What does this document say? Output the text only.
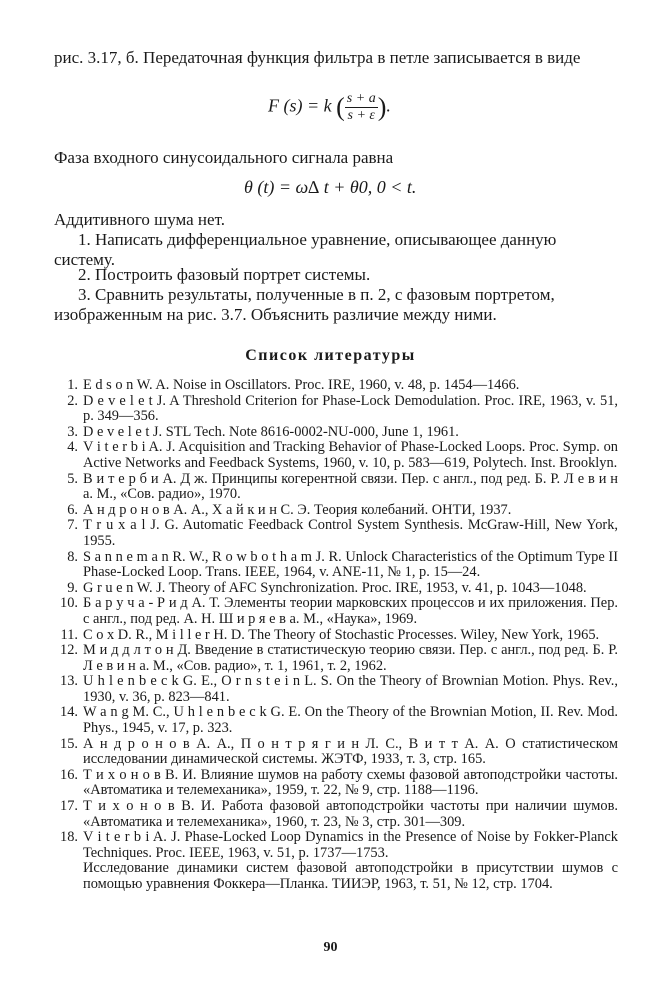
рис. 3.17, б. Передаточная функция фильтра в петле записывается в виде

F (s) = k ( $\frac{s + a}{s + \varepsilon}$ ).

Фаза входного синусоидального сигнала равна

θ (t) = ω∆ t + θ0, 0 < t.

Аддитивного шума нет.

1. Написать дифференциальное уравнение, описывающее данную систему.

2. Построить фазовый портрет системы.

3. Сравнить результаты, полученные в п. 2, с фазовым портретом, изображенным на рис. 3.7. Объяснить различие между ними.

Список литературы
1. E d s o n W. A. Noise in Oscillators. Proc. IRE, 1960, v. 48, p. 1454—1466.
2. D e v e l e t J. A Threshold Criterion for Phase-Lock Demodulation. Proc. IRE, 1963, v. 51, p. 349—356.
3. D e v e l e t J. STL Tech. Note 8616-0002-NU-000, June 1, 1961.
4. V i t e r b i A. J. Acquisition and Tracking Behavior of Phase-Locked Loops. Proc. Symp. on Active Networks and Feedback Systems, 1960, v. 10, p. 583—619, Polytech. Inst. Brooklyn.
5. В и т е р б и А. Д ж. Принципы когерентной связи. Пер. с англ., под ред. Б. Р. Л е в и н а. М., «Сов. радио», 1970.
6. А н д р о н о в А. А., Х а й к и н С. Э. Теория колебаний. ОНТИ, 1937.
7. T r u x a l J. G. Automatic Feedback Control System Synthesis. McGraw-Hill, New York, 1955.
8. S a n n e m a n R. W., R o w b o t h a m J. R. Unlock Characteristics of the Optimum Type II Phase-Locked Loop. Trans. IEEE, 1964, v. ANE-11, № 1, p. 15—24.
9. G r u e n W. J. Theory of AFC Synchronization. Proc. IRE, 1953, v. 41, p. 1043—1048.
10. Б а р у ч а - Р и д А. Т. Элементы теории марковских процессов и их приложения. Пер. с англ., под ред. А. Н. Ш и р я е в а. М., «Наука», 1969.
11. C o x D. R., M i l l e r H. D. The Theory of Stochastic Processes. Wiley, New York, 1965.
12. М и д д л т о н Д. Введение в статистическую теорию связи. Пер. с англ., под ред. Б. Р. Л е в и н а. М., «Сов. радио», т. 1, 1961, т. 2, 1962.
13. U h l e n b e c k G. E., O r n s t e i n L. S. On the Theory of Brownian Motion. Phys. Rev., 1930, v. 36, p. 823—841.
14. W a n g M. C., U h l e n b e c k G. E. On the Theory of the Brownian Motion, II. Rev. Mod. Phys., 1945, v. 17, p. 323.
15. А н д р о н о в А. А., П о н т р я г и н Л. С., В и т т А. А. О статистическом исследовании динамической системы. ЖЭТФ, 1933, т. 3, стр. 165.
16. Т и х о н о в В. И. Влияние шумов на работу схемы фазовой автоподстройки частоты. «Автоматика и телемеханика», 1959, т. 22, № 9, стр. 1188—1196.
17. Т и х о н о в В. И. Работа фазовой автоподстройки частоты при наличии шумов. «Автоматика и телемеханика», 1960, т. 23, № 3, стр. 301—309.
18. V i t e r b i A. J. Phase-Locked Loop Dynamics in the Presence of Noise by Fokker-Planck Techniques. Proc. IEEE, 1963, v. 51, p. 1737—1753.
Исследование динамики систем фазовой автоподстройки в присутствии шумов с помощью уравнения Фоккера—Планка. ТИИЭР, 1963, т. 51, № 12, стр. 1704.
90
